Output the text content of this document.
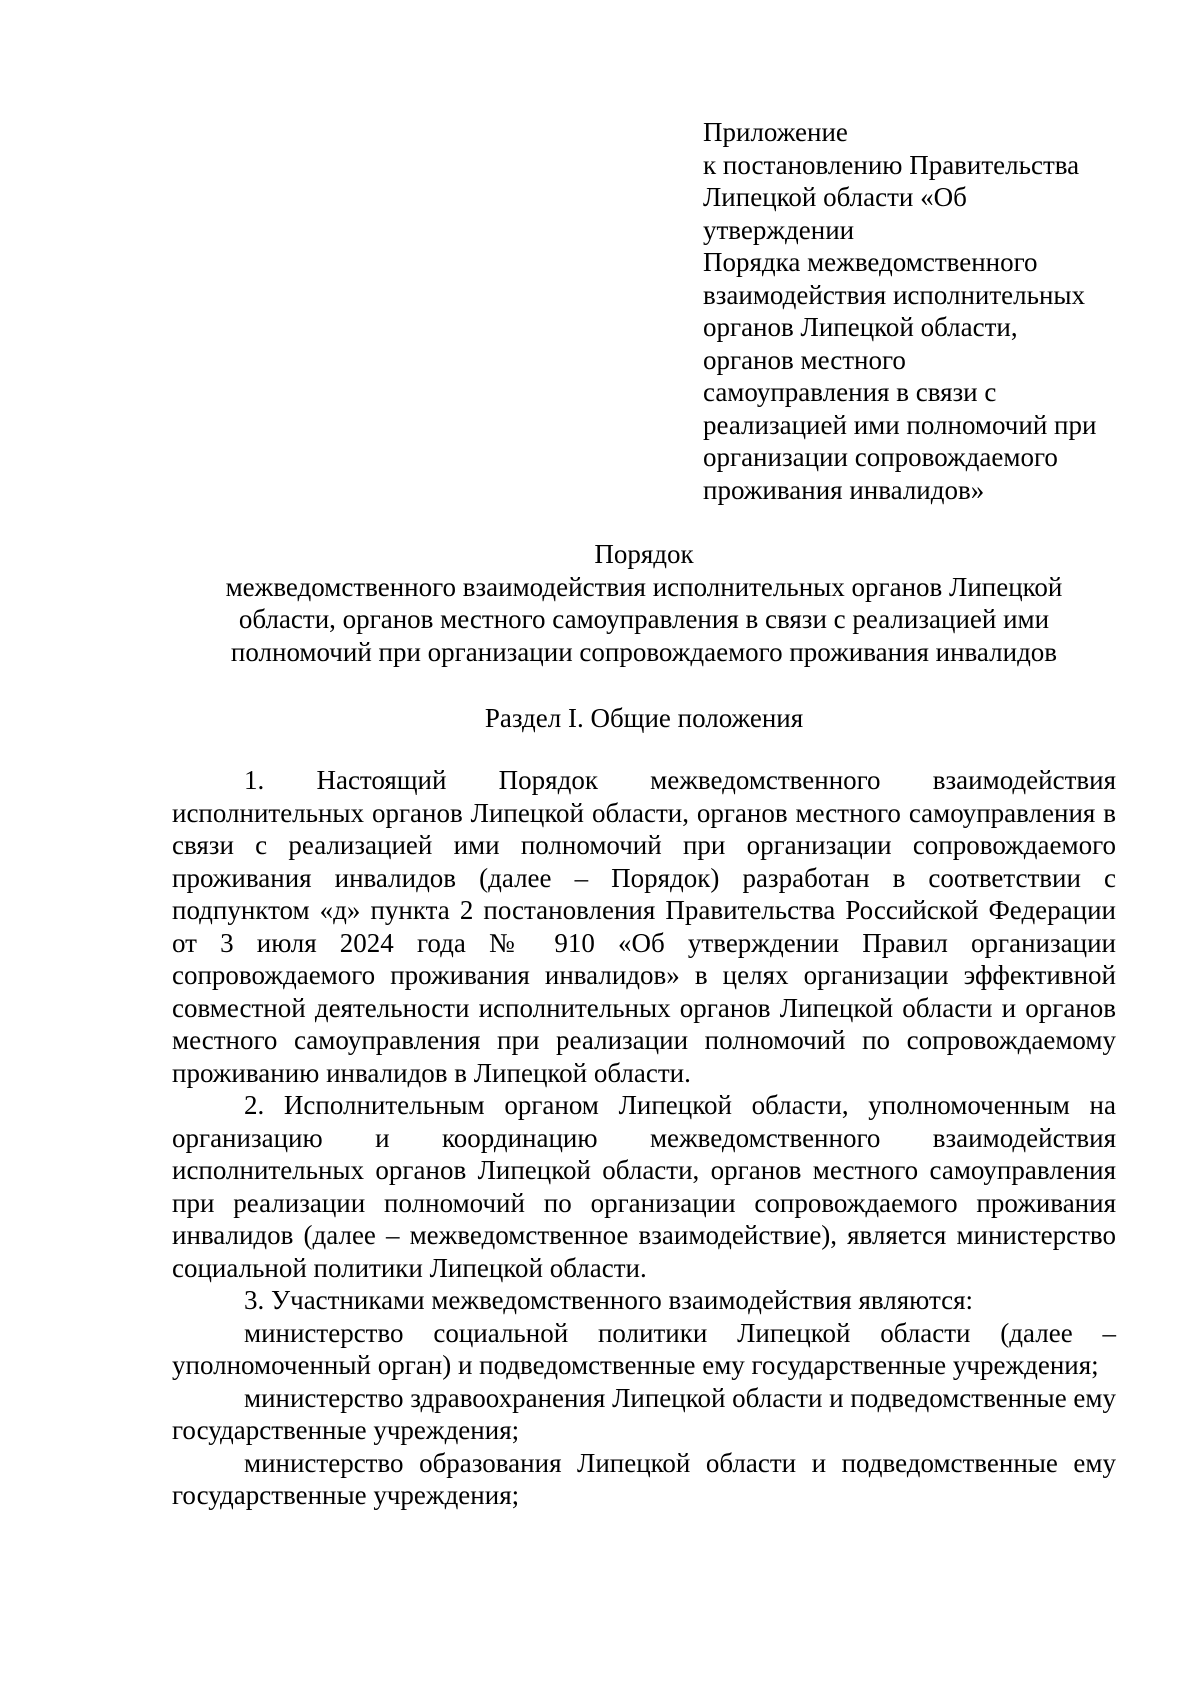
Приложение
к постановлению Правительства
Липецкой области «Об
утверждении
Порядка межведомственного
взаимодействия исполнительных
органов Липецкой области,
органов местного
самоуправления в связи с
реализацией ими полномочий при
организации сопровождаемого
проживания инвалидов»
Порядок
межведомственного взаимодействия исполнительных органов Липецкой
области, органов местного самоуправления в связи с реализацией ими
полномочий при организации сопровождаемого проживания инвалидов
Раздел I. Общие положения

1. Настоящий Порядок межведомственного взаимодействия исполнительных органов Липецкой области, органов местного самоуправления в связи с реализацией ими полномочий при организации сопровождаемого проживания инвалидов (далее – Порядок) разработан в соответствии с подпунктом «д» пункта 2 постановления Правительства Российской Федерации от 3 июля 2024 года № 910 «Об утверждении Правил организации сопровождаемого проживания инвалидов» в целях организации эффективной совместной деятельности исполнительных органов Липецкой области и органов местного самоуправления при реализации полномочий по сопровождаемому проживанию инвалидов в Липецкой области.

2. Исполнительным органом Липецкой области, уполномоченным на организацию и координацию межведомственного взаимодействия исполнительных органов Липецкой области, органов местного самоуправления при реализации полномочий по организации сопровождаемого проживания инвалидов (далее – межведомственное взаимодействие), является министерство социальной политики Липецкой области.

3. Участниками межведомственного взаимодействия являются:

министерство социальной политики Липецкой области (далее – уполномоченный орган) и подведомственные ему государственные учреждения;

министерство здравоохранения Липецкой области и подведомственные ему государственные учреждения;

министерство образования Липецкой области и подведомственные ему государственные учреждения;
